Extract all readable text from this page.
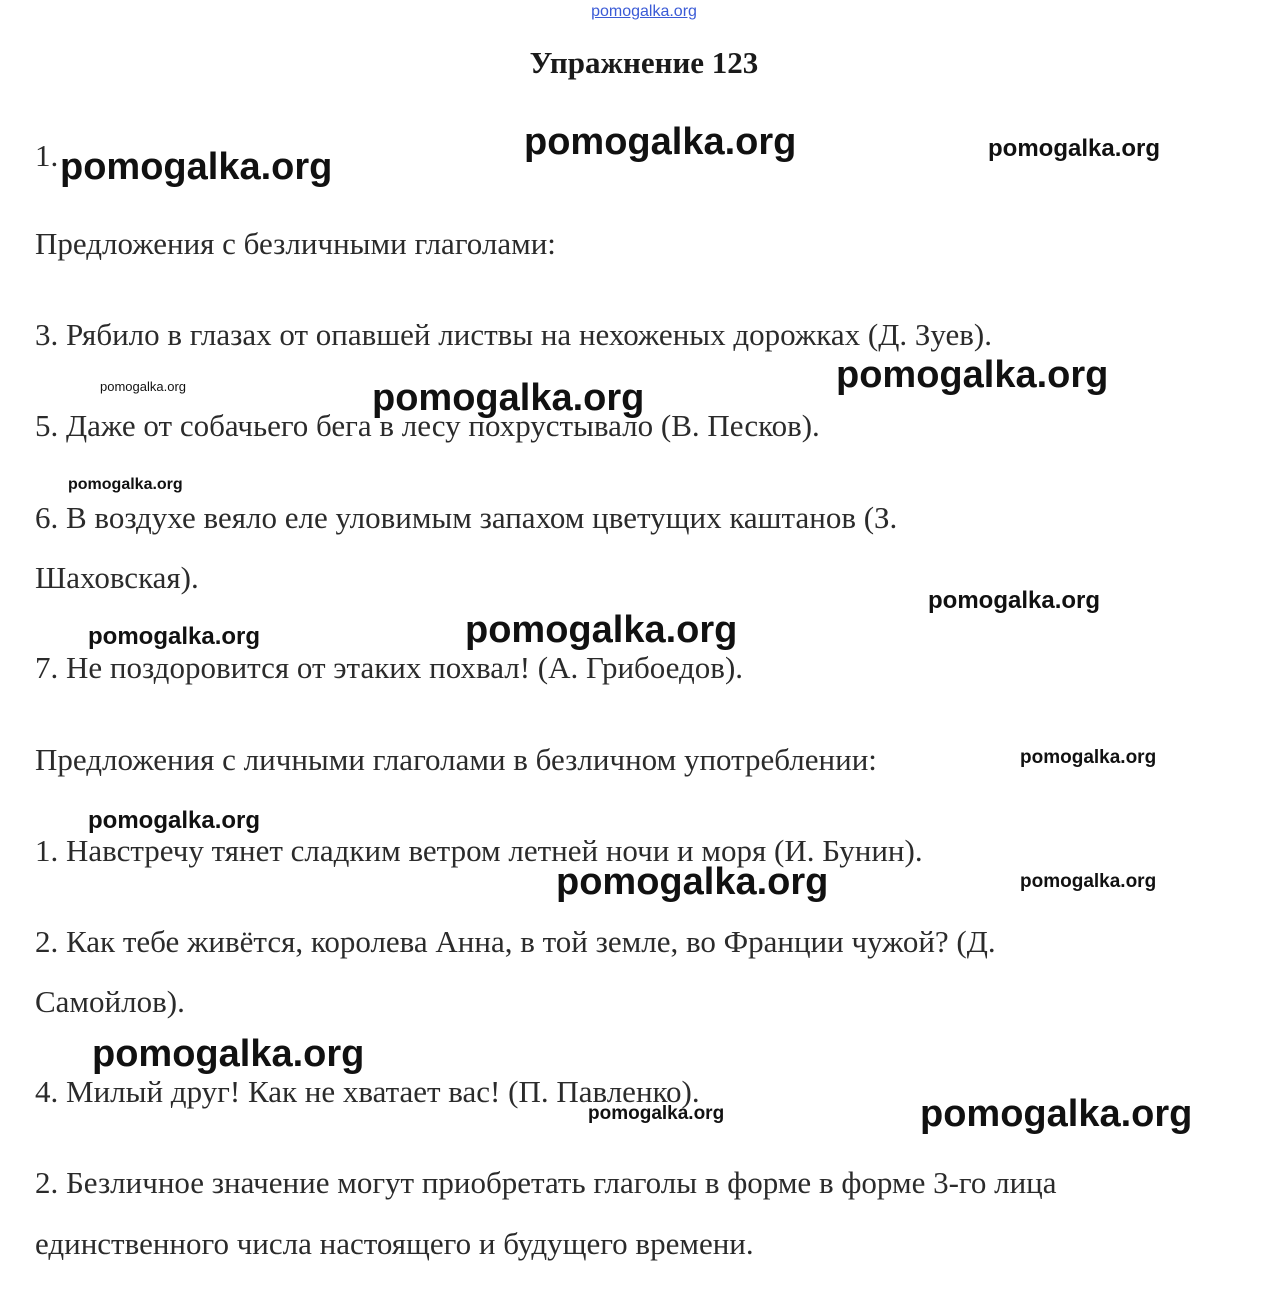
pomogalka.org
Упражнение 123
1.
Предложения с безличными глаголами:
3. Рябило в глазах от опавшей листвы на нехоженых дорожках (Д. Зуев).
5. Даже от собачьего бега в лесу похрустывало (В. Песков).
6. В воздухе веяло еле уловимым запахом цветущих каштанов (З.
Шаховская).
7. Не поздоровится от этаких похвал! (А. Грибоедов).
Предложения с личными глаголами в безличном употреблении:
1. Навстречу тянет сладким ветром летней ночи и моря (И. Бунин).
2. Как тебе живётся, королева Анна, в той земле, во Франции чужой? (Д.
Самойлов).
4. Милый друг! Как не хватает вас! (П. Павленко).
2. Безличное значение могут приобретать глаголы в форме в форме 3-го лица
единственного числа настоящего и будущего времени.
pomogalka.org
pomogalka.org	pomogalka.org
pomogalka.org	pomogalka.org
pomogalka.org
pomogalka.org
pomogalka.org
pomogalka.org	pomogalka.org
pomogalka.org
pomogalka.org
pomogalka.org	pomogalka.org
pomogalka.org
pomogalka.org	pomogalka.org
